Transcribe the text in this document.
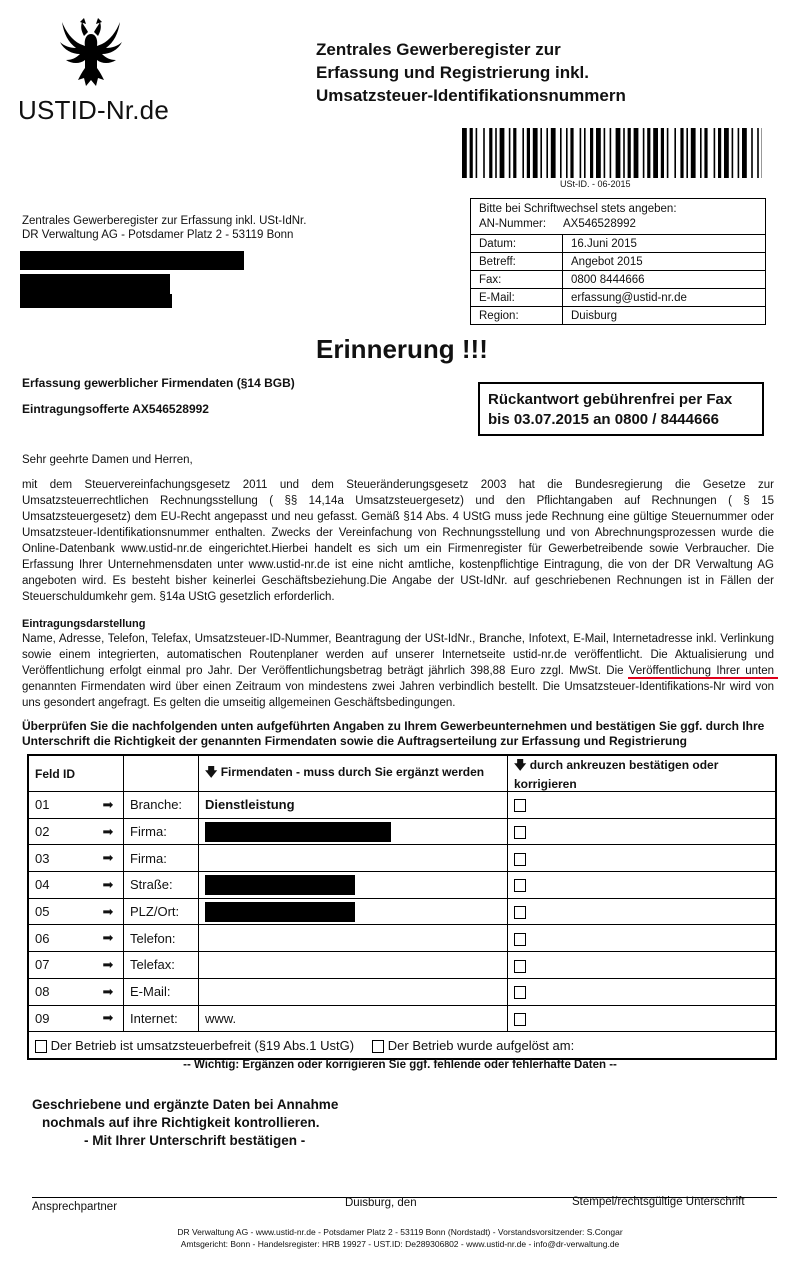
USTID-Nr.de
Zentrales Gewerberegister zur
Erfassung und Registrierung inkl.
Umsatzsteuer-Identifikationsnummern
USt-ID. - 06-2015
Zentrales Gewerberegister zur Erfassung inkl. USt-IdNr.
DR Verwaltung AG - Potsdamer Platz 2 - 53119 Bonn
Bitte bei Schriftwechsel stets angeben:
AN-Nummer: AX546528992
Datum:	16.Juni 2015
Betreff:	Angebot 2015
Fax:	0800 8444666
E-Mail:	erfassung@ustid-nr.de
Region:	Duisburg
Erinnerung !!!
Erfassung gewerblicher Firmendaten (§14 BGB)
Eintragungsofferte AX546528992
Rückantwort gebührenfrei per Fax
bis 03.07.2015 an 0800 / 8444666
Sehr geehrte Damen und Herren,
mit dem Steuervereinfachungsgesetz 2011 und dem Steueränderungsgesetz 2003 hat die Bundesregierung die Gesetze zur Umsatzsteuerrechtlichen Rechnungsstellung ( §§ 14,14a Umsatzsteuergesetz) und den Pflichtangaben auf Rechnungen ( § 15 Umsatzsteuergesetz) dem EU-Recht angepasst und neu gefasst. Gemäß §14 Abs. 4 UStG muss jede Rechnung eine gültige Steuernummer oder Umsatzsteuer-Identifikationsnummer enthalten. Zwecks der Vereinfachung von Rechnungsstellung und von Abrechnungsprozessen wurde die Online-Datenbank www.ustid-nr.de eingerichtet.Hierbei handelt es sich um ein Firmenregister für Gewerbetreibende sowie Verbraucher. Die Erfassung Ihrer Unternehmensdaten unter www.ustid-nr.de ist eine nicht amtliche, kostenpflichtige Eintragung, die von der DR Verwaltung AG angeboten wird. Es besteht bisher keinerlei Geschäftsbeziehung.Die Angabe der USt-IdNr. auf geschriebenen Rechnungen ist in Fällen der Steuerschuldumkehr gem. §14a UStG gesetzlich erforderlich.
Eintragungsdarstellung
Name, Adresse, Telefon, Telefax, Umsatzsteuer-ID-Nummer, Beantragung der USt-IdNr., Branche, Infotext, E-Mail, Internetadresse inkl. Verlinkung sowie einem integrierten, automatischen Routenplaner werden auf unserer Internetseite ustid-nr.de veröffentlicht. Die Aktualisierung und Veröffentlichung erfolgt einmal pro Jahr. Der Veröffentlichungsbetrag beträgt jährlich 398,88 Euro zzgl. MwSt. Die Veröffentlichung Ihrer unten genannten Firmendaten wird über einen Zeitraum von mindestens zwei Jahren verbindlich bestellt. Die Umsatzsteuer-Identifikations-Nr wird von uns gesondert angefragt. Es gelten die umseitig allgemeinen Geschäftsbedingungen.
Überprüfen Sie die nachfolgenden unten aufgeführten Angaben zu Ihrem Gewerbeunternehmen und bestätigen Sie ggf. durch Ihre Unterschrift die Richtigkeit der genannten Firmendaten sowie die Auftragserteilung zur Erfassung und Registrierung
Feld ID			🡇 Firmendaten - muss durch Sie ergänzt werden	🡇 durch ankreuzen bestätigen oder korrigieren
01	➡	Branche:	Dienstleistung	
02	➡	Firma:		
03	➡	Firma:		
04	➡	Straße:		
05	➡	PLZ/Ort:		
06	➡	Telefon:		
07	➡	Telefax:		
08	➡	E-Mail:		
09	➡	Internet:	www.	
Der Betrieb ist umsatzsteuerbefreit (§19 Abs.1 UstG) Der Betrieb wurde aufgelöst am:				
-- Wichtig: Ergänzen oder korrigieren Sie ggf. fehlende oder fehlerhafte Daten --
Geschriebene und ergänzte Daten bei Annahme
nochmals auf ihre Richtigkeit kontrollieren.
- Mit Ihrer Unterschrift bestätigen -
Ansprechpartner	Duisburg, den	Stempel/rechtsgültige Unterschrift
DR Verwaltung AG - www.ustid-nr.de - Potsdamer Platz 2 - 53119 Bonn (Nordstadt) - Vorstandsvorsitzender: S.Congar
Amtsgericht: Bonn - Handelsregister: HRB 19927 - UST.ID: De289306802 - www.ustid-nr.de - info@dr-verwaltung.de
